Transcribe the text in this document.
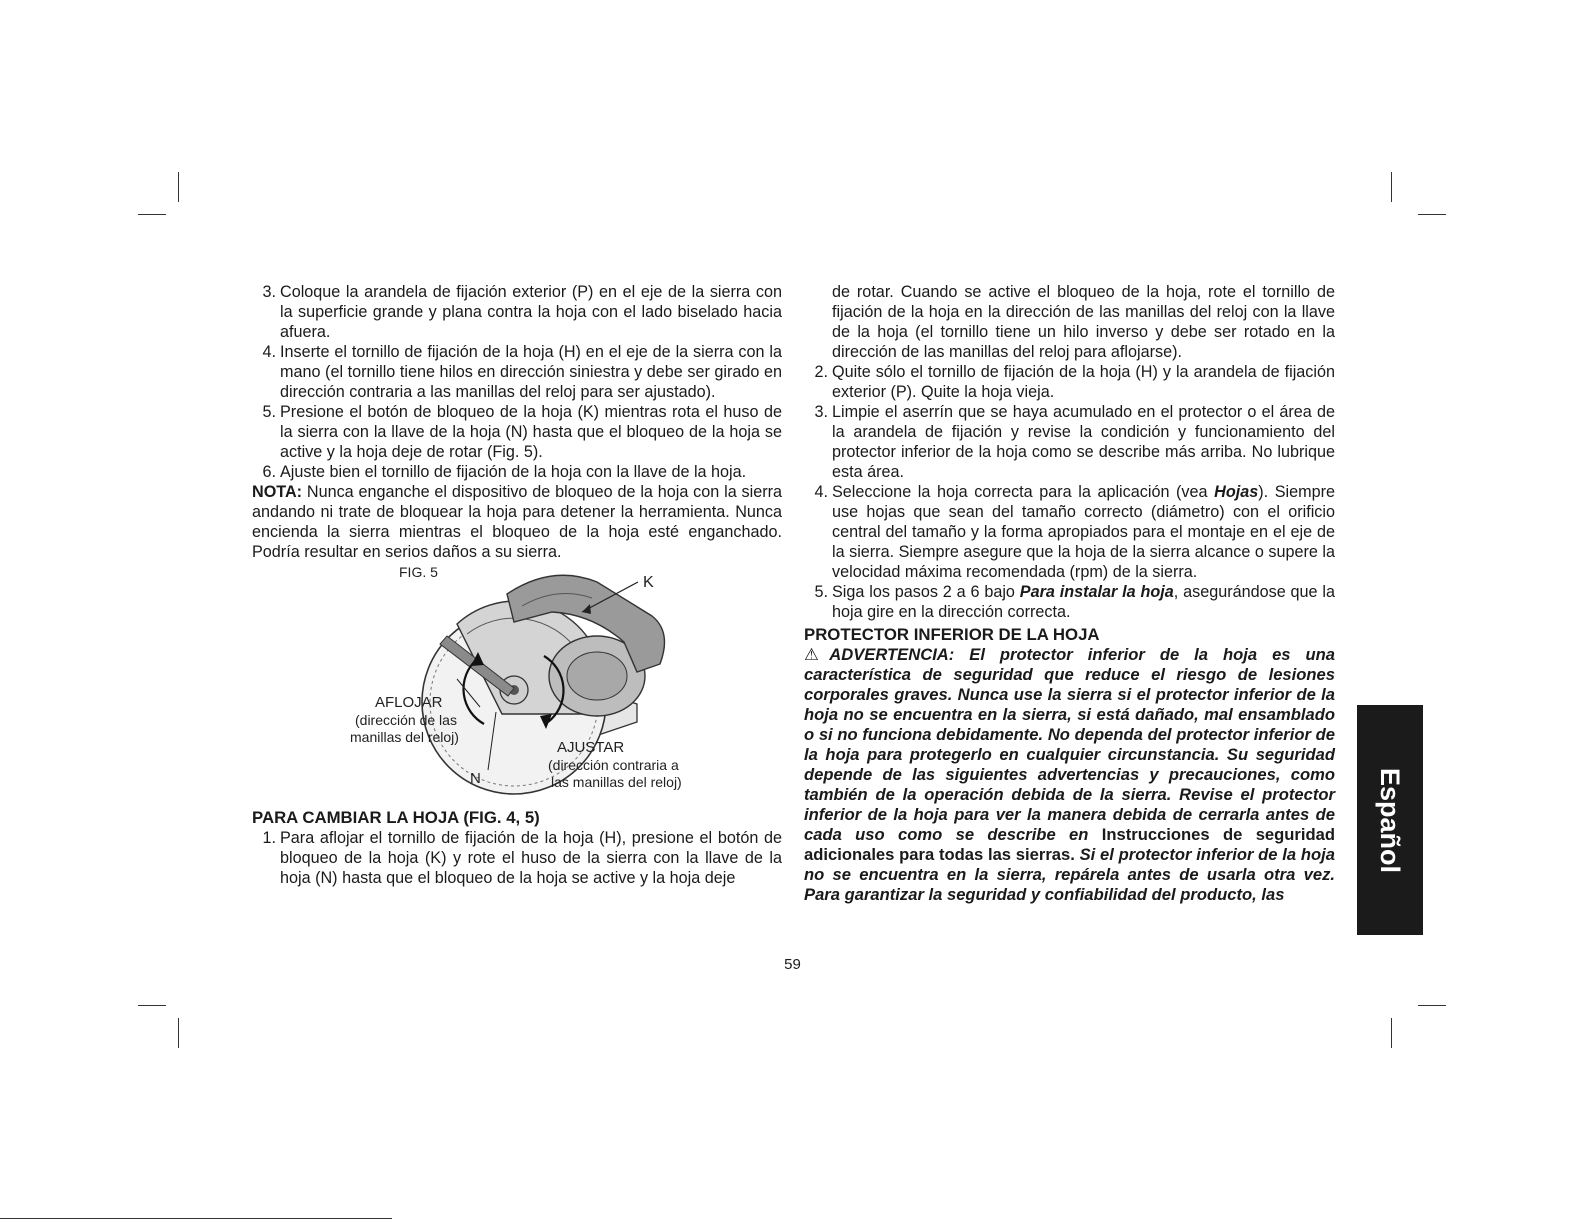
3. Coloque la arandela de fijación exterior (P) en el eje de la sierra con la superficie grande y plana contra la hoja con el lado biselado hacia afuera.
4. Inserte el tornillo de fijación de la hoja (H) en el eje de la sierra con la mano (el tornillo tiene hilos en dirección siniestra y debe ser girado en dirección contraria a las manillas del reloj para ser ajustado).
5. Presione el botón de bloqueo de la hoja (K) mientras rota el huso de la sierra con la llave de la hoja (N) hasta que el bloqueo de la hoja se active y la hoja deje de rotar (Fig. 5).
6. Ajuste bien el tornillo de fijación de la hoja con la llave de la hoja.
NOTA: Nunca enganche el dispositivo de bloqueo de la hoja con la sierra andando ni trate de bloquear la hoja para detener la herramienta. Nunca encienda la sierra mientras el bloqueo de la hoja esté enganchado. Podría resultar en serios daños a su sierra.
FIG. 5
K
AFLOJAR
(dirección de las
manillas del reloj)
N
AJUSTAR
(dirección contraria a
las manillas del reloj)

PARA CAMBIAR LA HOJA (FIG. 4, 5)

1. Para aflojar el tornillo de fijación de la hoja (H), presione el botón de bloqueo de la hoja (K) y rote el huso de la sierra con la llave de la hoja (N) hasta que el bloqueo de la hoja se active y la hoja deje
de rotar. Cuando se active el bloqueo de la hoja, rote el tornillo de fijación de la hoja en la dirección de las manillas del reloj con la llave de la hoja (el tornillo tiene un hilo inverso y debe ser rotado en la dirección de las manillas del reloj para aflojarse).
2. Quite sólo el tornillo de fijación de la hoja (H) y la arandela de fijación exterior (P). Quite la hoja vieja.
3. Limpie el aserrín que se haya acumulado en el protector o el área de la arandela de fijación y revise la condición y funcionamiento del protector inferior de la hoja como se describe más arriba. No lubrique esta área.
4. Seleccione la hoja correcta para la aplicación (vea Hojas). Siempre use hojas que sean del tamaño correcto (diámetro) con el orificio central del tamaño y la forma apropiados para el montaje en el eje de la sierra. Siempre asegure que la hoja de la sierra alcance o supere la velocidad máxima recomendada (rpm) de la sierra.
5. Siga los pasos 2 a 6 bajo Para instalar la hoja, asegurándose que la hoja gire en la dirección correcta.

PROTECTOR INFERIOR DE LA HOJA

⚠ADVERTENCIA: El protector inferior de la hoja es una característica de seguridad que reduce el riesgo de lesiones corporales graves. Nunca use la sierra si el protector inferior de la hoja no se encuentra en la sierra, si está dañado, mal ensamblado o si no funciona debidamente. No dependa del protector inferior de la hoja para protegerlo en cualquier circunstancia. Su seguridad depende de las siguientes advertencias y precauciones, como también de la operación debida de la sierra. Revise el protector inferior de la hoja para ver la manera debida de cerrarla antes de cada uso como se describe en Instrucciones de seguridad adicionales para todas las sierras. Si el protector inferior de la hoja no se encuentra en la sierra, repárela antes de usarla otra vez. Para garantizar la seguridad y confiabilidad del producto, las
59
Español
